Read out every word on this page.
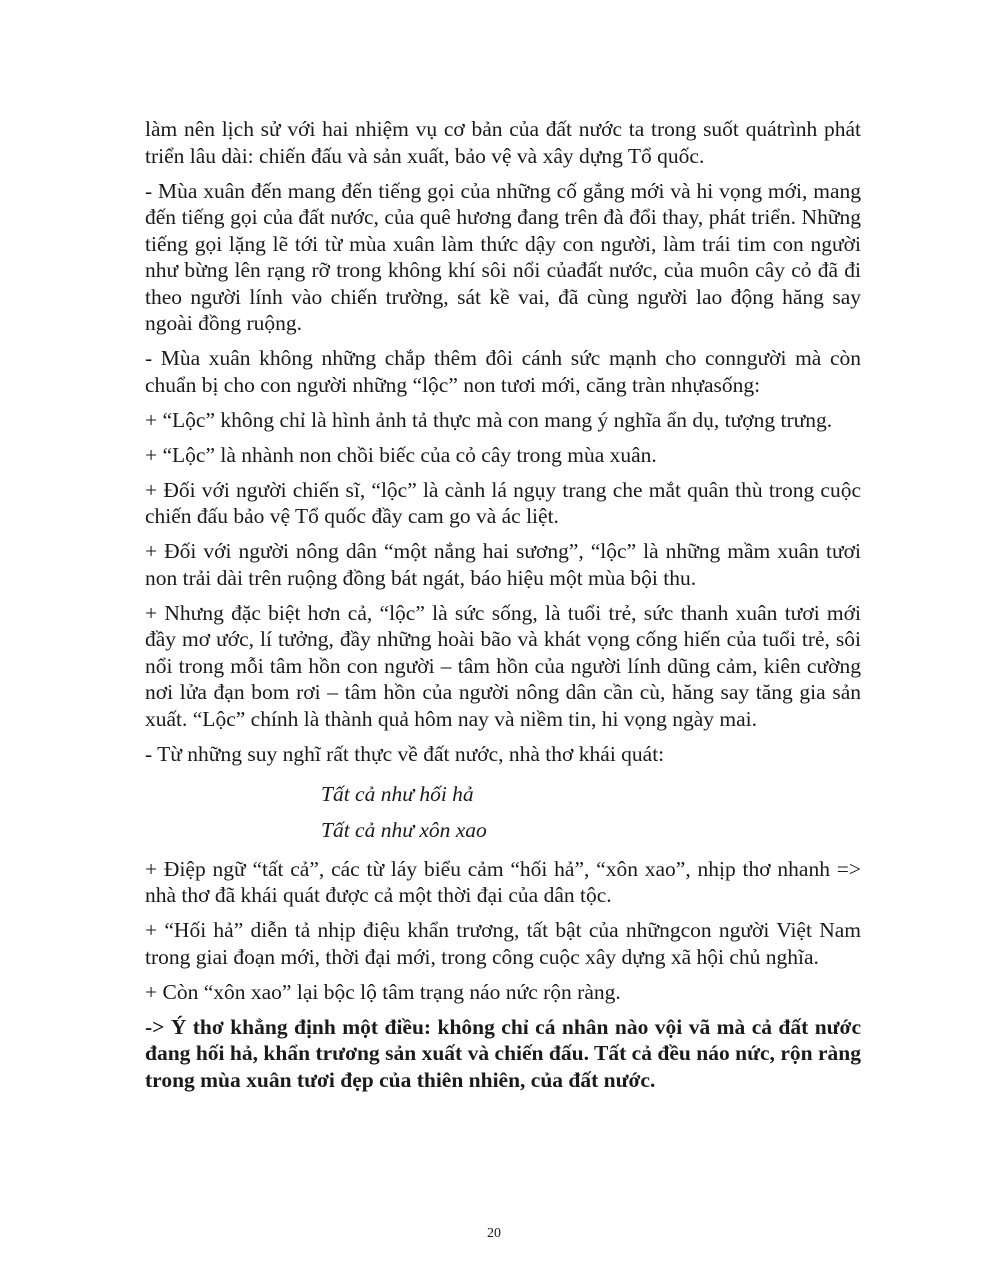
làm nên lịch sử với hai nhiệm vụ cơ bản của đất nước ta trong suốt quátrình phát triển lâu dài: chiến đấu và sản xuất, bảo vệ và xây dựng Tổ quốc.

- Mùa xuân đến mang đến tiếng gọi của những cố gắng mới và hi vọng mới, mang đến tiếng gọi của đất nước, của quê hương đang trên đà đổi thay, phát triển. Những tiếng gọi lặng lẽ tới từ mùa xuân làm thức dậy con người, làm trái tim con người như bừng lên rạng rỡ trong không khí sôi nổi củađất nước, của muôn cây cỏ đã đi theo người lính vào chiến trường, sát kề vai, đã cùng người lao động hăng say ngoài đồng ruộng.

- Mùa xuân không những chắp thêm đôi cánh sức mạnh cho conngười mà còn chuẩn bị cho con người những “lộc” non tươi mới, căng tràn nhựasống:

+ “Lộc” không chỉ là hình ảnh tả thực mà con mang ý nghĩa ẩn dụ, tượng trưng.

+ “Lộc” là nhành non chồi biếc của cỏ cây trong mùa xuân.

+ Đối với người chiến sĩ, “lộc” là cành lá ngụy trang che mắt quân thù trong cuộc chiến đấu bảo vệ Tổ quốc đầy cam go và ác liệt.

+ Đối với người nông dân “một nắng hai sương”, “lộc” là những mầm xuân tươi non trải dài trên ruộng đồng bát ngát, báo hiệu một mùa bội thu.

+ Nhưng đặc biệt hơn cả, “lộc” là sức sống, là tuổi trẻ, sức thanh xuân tươi mới đầy mơ ước, lí tưởng, đầy những hoài bão và khát vọng cống hiến của tuổi trẻ, sôi nổi trong mỗi tâm hồn con người – tâm hồn của người lính dũng cảm, kiên cường nơi lửa đạn bom rơi – tâm hồn của người nông dân cần cù, hăng say tăng gia sản xuất. “Lộc” chính là thành quả hôm nay và niềm tin, hi vọng ngày mai.

- Từ những suy nghĩ rất thực về đất nước, nhà thơ khái quát:

Tất cả như hối hả
Tất cả như xôn xao

+ Điệp ngữ “tất cả”, các từ láy biểu cảm “hối hả”, “xôn xao”, nhịp thơ nhanh => nhà thơ đã khái quát được cả một thời đại của dân tộc.

+ “Hối hả” diễn tả nhịp điệu khẩn trương, tất bật của nhữngcon người Việt Nam trong giai đoạn mới, thời đại mới, trong công cuộc xây dựng xã hội chủ nghĩa.

+ Còn “xôn xao” lại bộc lộ tâm trạng náo nức rộn ràng.

-> Ý thơ khẳng định một điều: không chỉ cá nhân nào vội vã mà cả đất nước đang hối hả, khẩn trương sản xuất và chiến đấu. Tất cả đều náo nức, rộn ràng trong mùa xuân tươi đẹp của thiên nhiên, của đất nước.

20
